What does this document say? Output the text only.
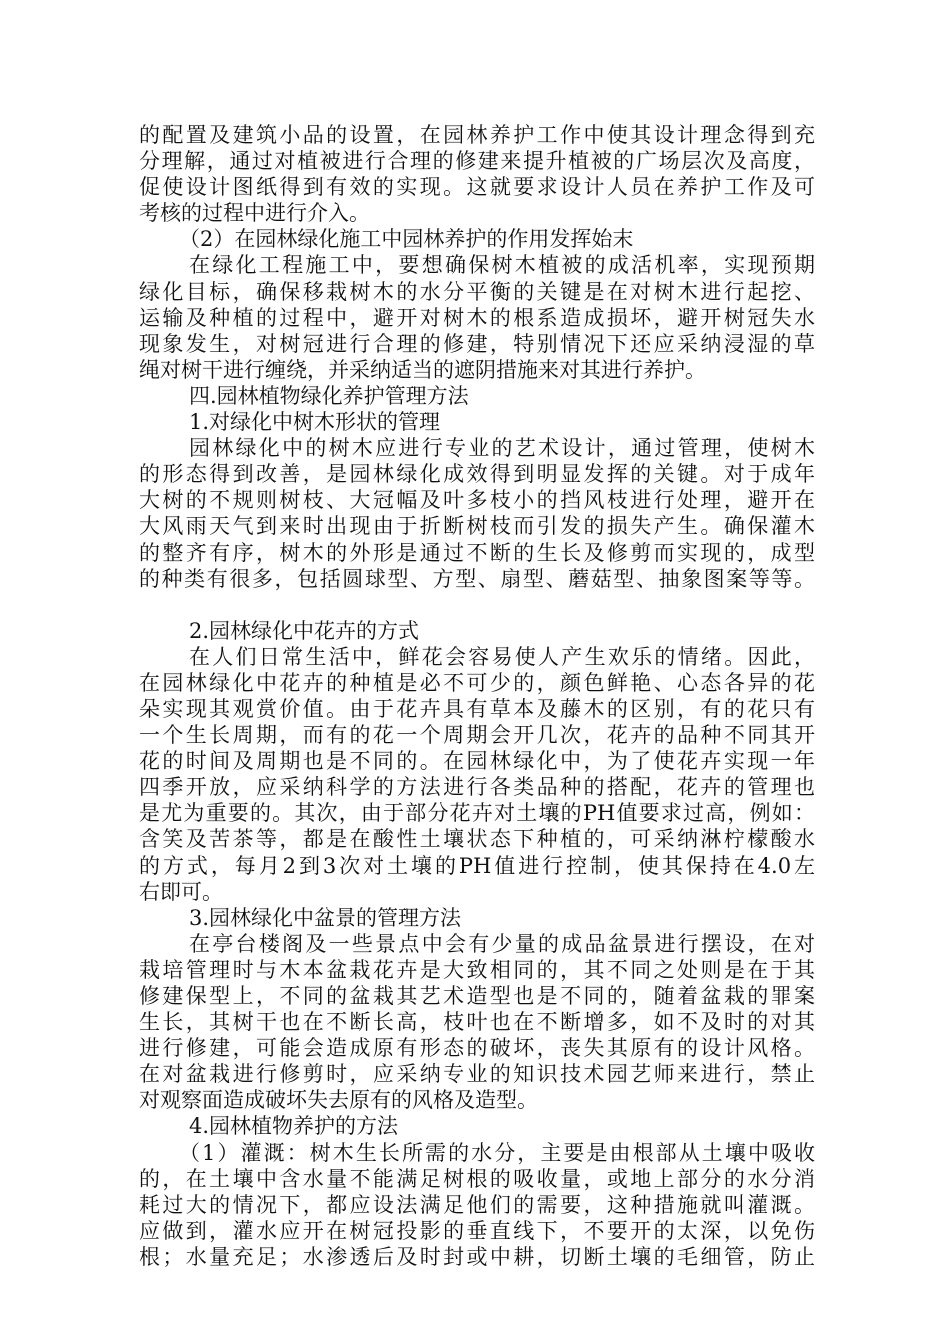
的配置及建筑小品的设置，在园林养护工作中使其设计理念得到充
分理解，通过对植被进行合理的修建来提升植被的广场层次及高度，
促使设计图纸得到有效的实现。这就要求设计人员在养护工作及可
考核的过程中进行介入。
（2）在园林绿化施工中园林养护的作用发挥始末
在绿化工程施工中，要想确保树木植被的成活机率，实现预期
绿化目标，确保移栽树木的水分平衡的关键是在对树木进行起挖、
运输及种植的过程中，避开对树木的根系造成损坏，避开树冠失水
现象发生，对树冠进行合理的修建，特别情况下还应采纳浸湿的草
绳对树干进行缠绕，并采纳适当的遮阴措施来对其进行养护。
四.园林植物绿化养护管理方法
1.对绿化中树木形状的管理
园林绿化中的树木应进行专业的艺术设计，通过管理，使树木
的形态得到改善，是园林绿化成效得到明显发挥的关键。对于成年
大树的不规则树枝、大冠幅及叶多枝小的挡风枝进行处理，避开在
大风雨天气到来时出现由于折断树枝而引发的损失产生。确保灌木
的整齐有序，树木的外形是通过不断的生长及修剪而实现的，成型
的种类有很多，包括圆球型、方型、扇型、蘑菇型、抽象图案等等。
2.园林绿化中花卉的方式
在人们日常生活中，鲜花会容易使人产生欢乐的情绪。因此，
在园林绿化中花卉的种植是必不可少的，颜色鲜艳、心态各异的花
朵实现其观赏价值。由于花卉具有草本及藤木的区别，有的花只有
一个生长周期，而有的花一个周期会开几次，花卉的品种不同其开
花的时间及周期也是不同的。在园林绿化中，为了使花卉实现一年
四季开放，应采纳科学的方法进行各类品种的搭配，花卉的管理也
是尤为重要的。其次，由于部分花卉对土壤的PH值要求过高，例如：
含笑及苦茶等，都是在酸性土壤状态下种植的，可采纳淋柠檬酸水
的方式，每月2到3次对土壤的PH值进行控制，使其保持在4.0左
右即可。
3.园林绿化中盆景的管理方法
在亭台楼阁及一些景点中会有少量的成品盆景进行摆设，在对
栽培管理时与木本盆栽花卉是大致相同的，其不同之处则是在于其
修建保型上，不同的盆栽其艺术造型也是不同的，随着盆栽的罪案
生长，其树干也在不断长高，枝叶也在不断增多，如不及时的对其
进行修建，可能会造成原有形态的破坏，丧失其原有的设计风格。
在对盆栽进行修剪时，应采纳专业的知识技术园艺师来进行，禁止
对观察面造成破坏失去原有的风格及造型。
4.园林植物养护的方法
（1）灌溉：树木生长所需的水分，主要是由根部从土壤中吸收
的，在土壤中含水量不能满足树根的吸收量，或地上部分的水分消
耗过大的情况下，都应设法满足他们的需要，这种措施就叫灌溉。
应做到，灌水应开在树冠投影的垂直线下，不要开的太深，以免伤
根；水量充足；水渗透后及时封或中耕，切断土壤的毛细管，防止
